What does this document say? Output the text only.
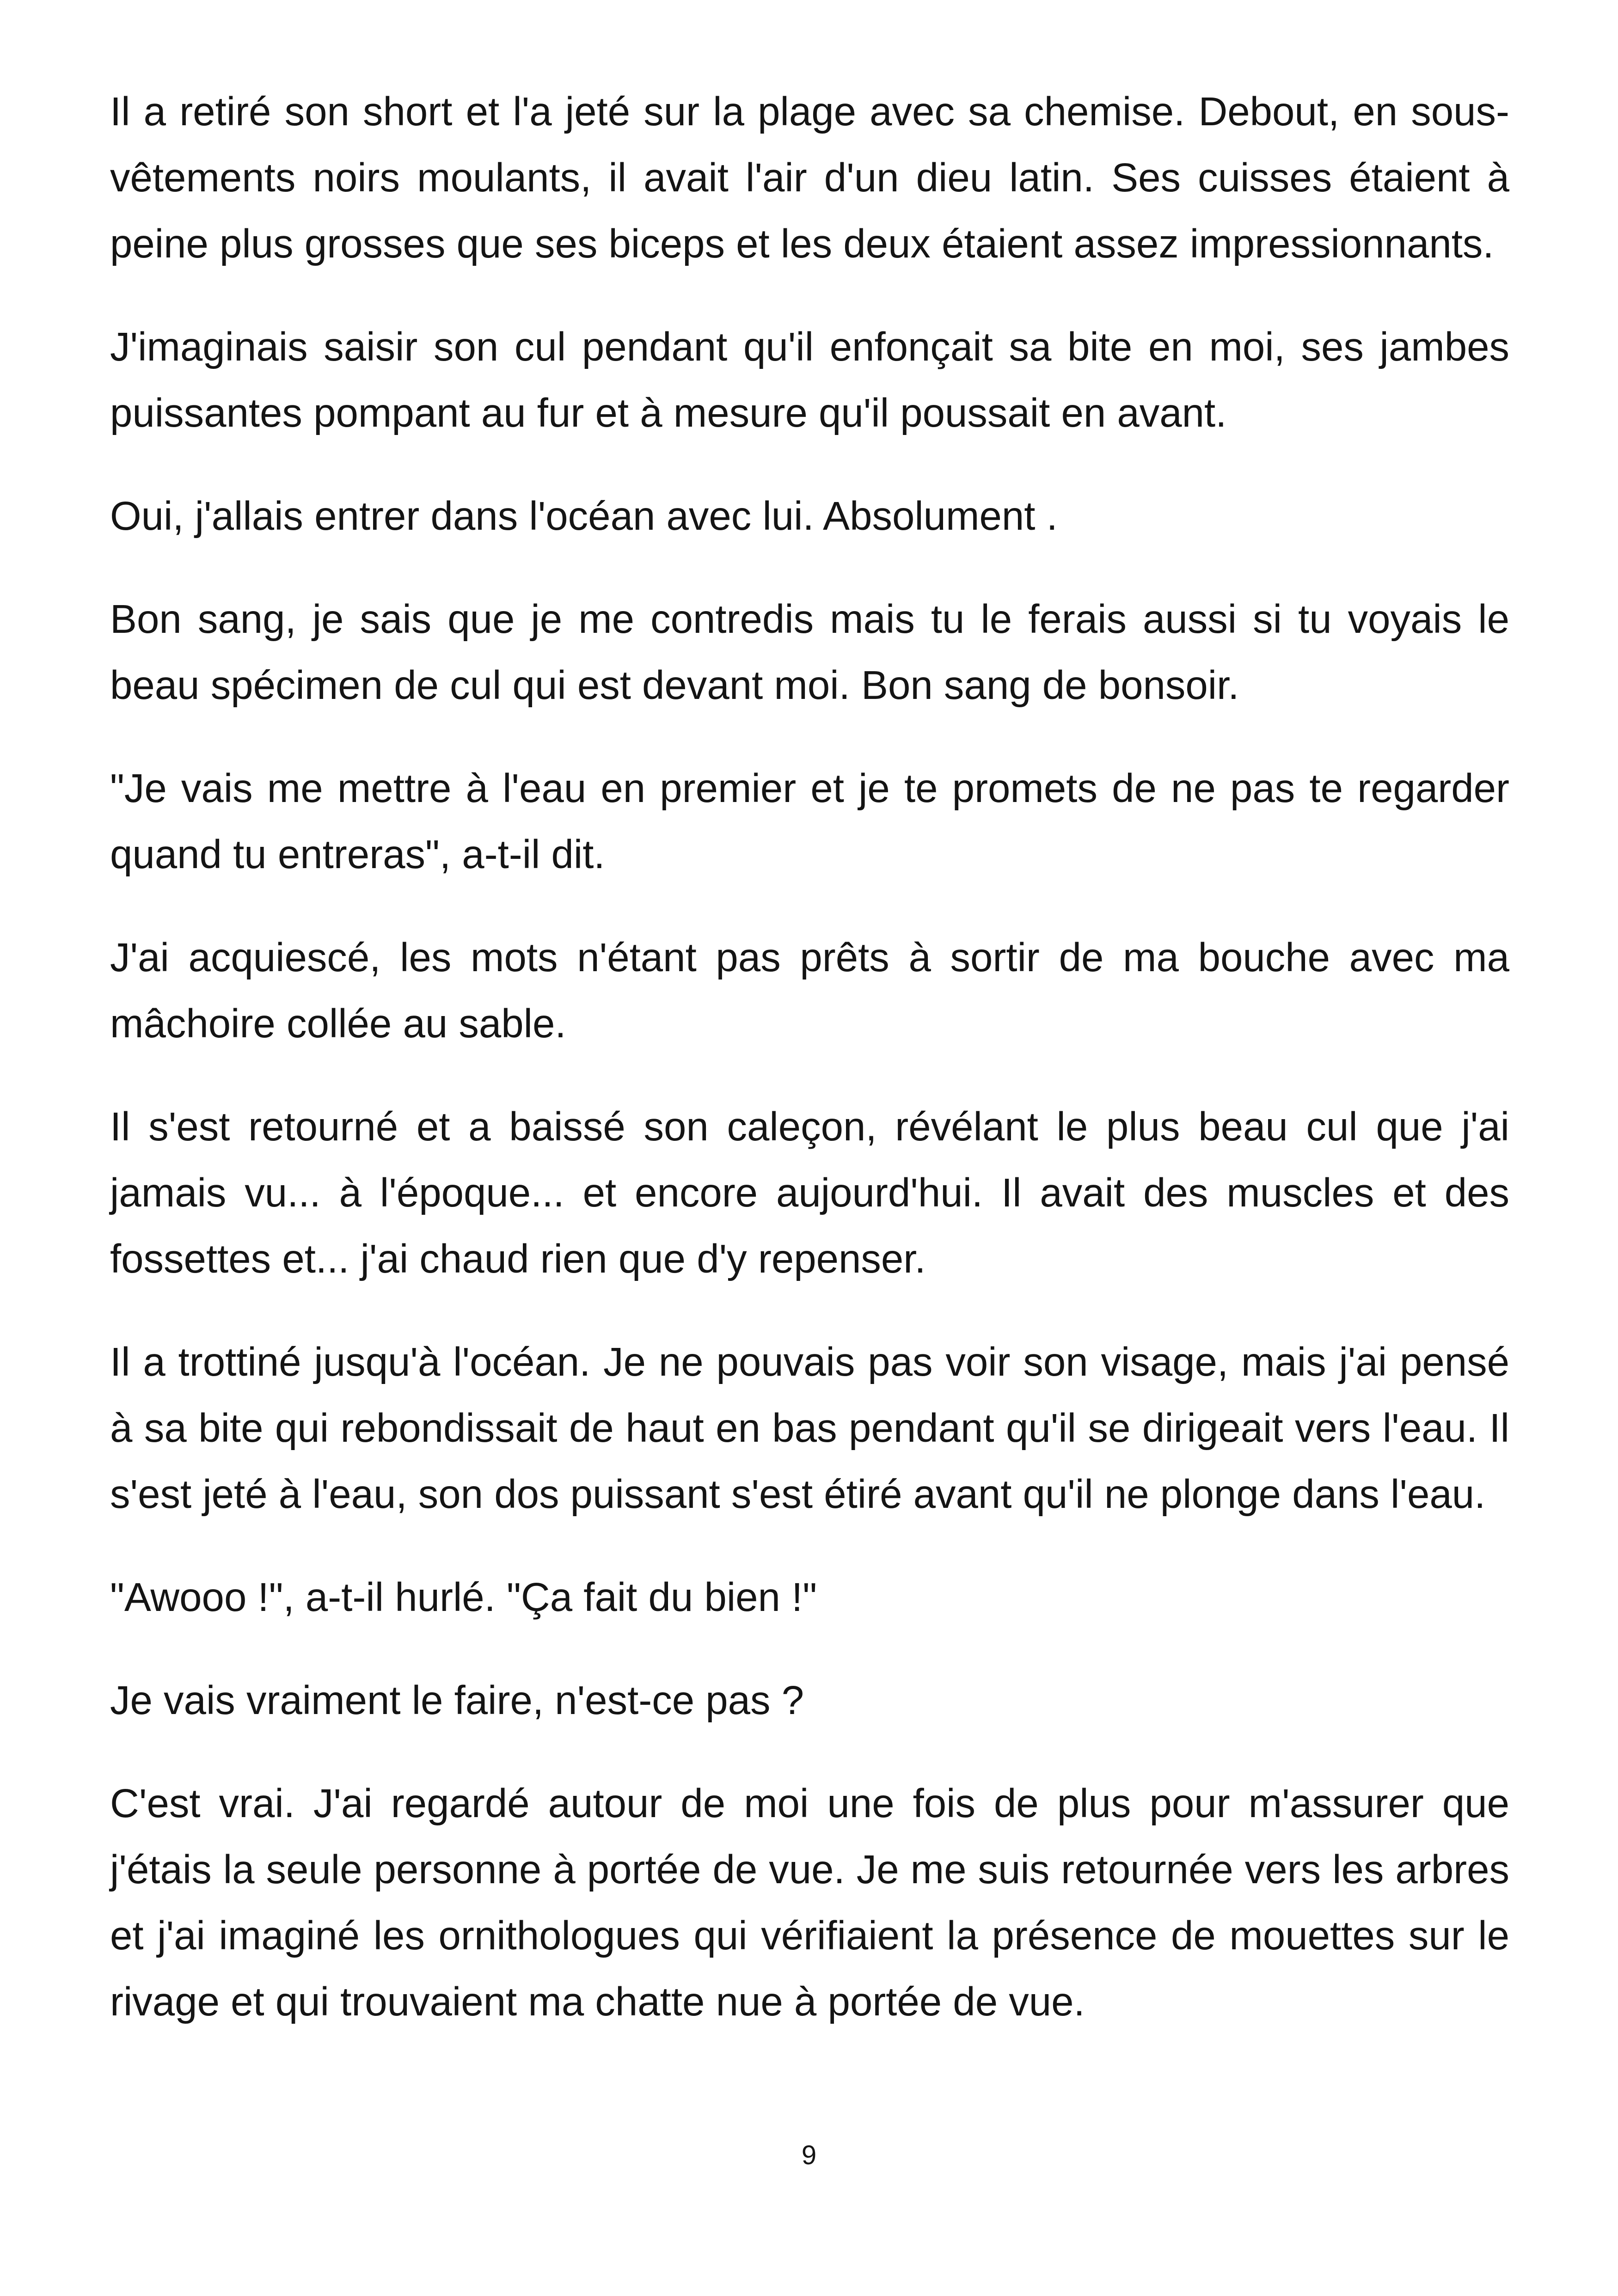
Il a retiré son short et l'a jeté sur la plage avec sa chemise. Debout, en sous-vêtements noirs moulants, il avait l'air d'un dieu latin. Ses cuisses étaient à peine plus grosses que ses biceps et les deux étaient assez impressionnants.

J'imaginais saisir son cul pendant qu'il enfonçait sa bite en moi, ses jambes puissantes pompant au fur et à mesure qu'il poussait en avant.

Oui, j'allais entrer dans l'océan avec lui. Absolument .

Bon sang, je sais que je me contredis mais tu le ferais aussi si tu voyais le beau spécimen de cul qui est devant moi. Bon sang de bonsoir.

"Je vais me mettre à l'eau en premier et je te promets de ne pas te regarder quand tu entreras", a-t-il dit.

J'ai acquiescé, les mots n'étant pas prêts à sortir de ma bouche avec ma mâchoire collée au sable.

Il s'est retourné et a baissé son caleçon, révélant le plus beau cul que j'ai jamais vu... à l'époque... et encore aujourd'hui. Il avait des muscles et des fossettes et... j'ai chaud rien que d'y repenser.

Il a trottiné jusqu'à l'océan. Je ne pouvais pas voir son visage, mais j'ai pensé à sa bite qui rebondissait de haut en bas pendant qu'il se dirigeait vers l'eau. Il s'est jeté à l'eau, son dos puissant s'est étiré avant qu'il ne plonge dans l'eau.

"Awooo !", a-t-il hurlé. "Ça fait du bien !"

Je vais vraiment le faire, n'est-ce pas ?

C'est vrai. J'ai regardé autour de moi une fois de plus pour m'assurer que j'étais la seule personne à portée de vue. Je me suis retournée vers les arbres et j'ai imaginé les ornithologues qui vérifiaient la présence de mouettes sur le rivage et qui trouvaient ma chatte nue à portée de vue.

9
